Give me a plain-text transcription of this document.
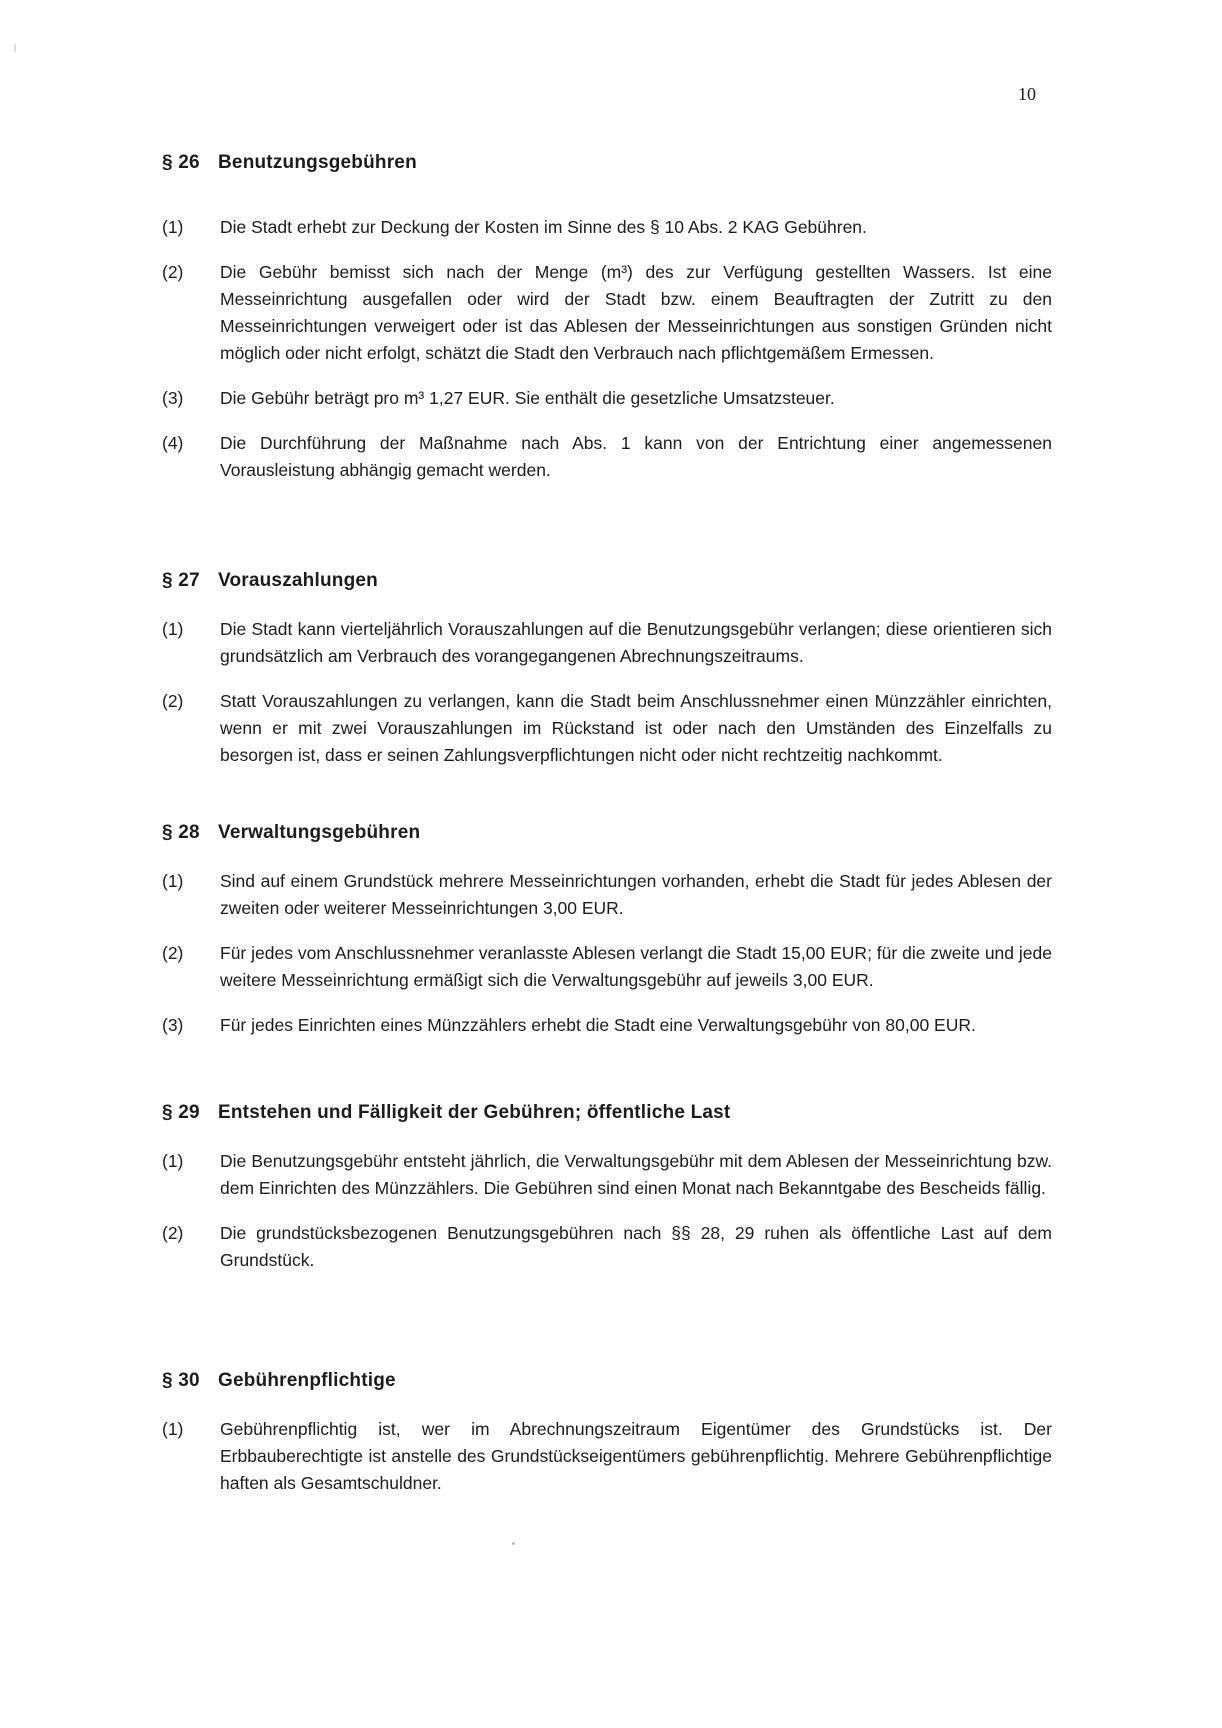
10
§ 26 Benutzungsgebühren
(1)	Die Stadt erhebt zur Deckung der Kosten im Sinne des § 10 Abs. 2 KAG Gebühren.
(2)	Die Gebühr bemisst sich nach der Menge (m³) des zur Verfügung gestellten Wassers. Ist eine Messeinrichtung ausgefallen oder wird der Stadt bzw. einem Beauftragten der Zutritt zu den Messeinrichtungen verweigert oder ist das Ablesen der Messeinrichtungen aus sonstigen Gründen nicht möglich oder nicht erfolgt, schätzt die Stadt den Verbrauch nach pflichtgemäßem Ermessen.
(3)	Die Gebühr beträgt pro m³ 1,27 EUR. Sie enthält die gesetzliche Umsatzsteuer.
(4)	Die Durchführung der Maßnahme nach Abs. 1 kann von der Entrichtung einer angemessenen Vorausleistung abhängig gemacht werden.
§ 27 Vorauszahlungen
(1)	Die Stadt kann vierteljährlich Vorauszahlungen auf die Benutzungsgebühr verlangen; diese orientieren sich grundsätzlich am Verbrauch des vorangegangenen Abrechnungszeitraums.
(2)	Statt Vorauszahlungen zu verlangen, kann die Stadt beim Anschlussnehmer einen Münzzähler einrichten, wenn er mit zwei Vorauszahlungen im Rückstand ist oder nach den Umständen des Einzelfalls zu besorgen ist, dass er seinen Zahlungsverpflichtungen nicht oder nicht rechtzeitig nachkommt.
§ 28 Verwaltungsgebühren
(1)	Sind auf einem Grundstück mehrere Messeinrichtungen vorhanden, erhebt die Stadt für jedes Ablesen der zweiten oder weiterer Messeinrichtungen 3,00 EUR.
(2)	Für jedes vom Anschlussnehmer veranlasste Ablesen verlangt die Stadt 15,00 EUR; für die zweite und jede weitere Messeinrichtung ermäßigt sich die Verwaltungsgebühr auf jeweils 3,00 EUR.
(3)	Für jedes Einrichten eines Münzzählers erhebt die Stadt eine Verwaltungsgebühr von 80,00 EUR.
§ 29 Entstehen und Fälligkeit der Gebühren; öffentliche Last
(1)	Die Benutzungsgebühr entsteht jährlich, die Verwaltungsgebühr mit dem Ablesen der Messeinrichtung bzw. dem Einrichten des Münzzählers. Die Gebühren sind einen Monat nach Bekanntgabe des Bescheids fällig.
(2)	Die grundstücksbezogenen Benutzungsgebühren nach §§ 28, 29 ruhen als öffentliche Last auf dem Grundstück.
§ 30 Gebührenpflichtige
(1)	Gebührenpflichtig ist, wer im Abrechnungszeitraum Eigentümer des Grundstücks ist. Der Erbbauberechtigte ist anstelle des Grundstückseigentümers gebührenpflichtig. Mehrere Gebührenpflichtige haften als Gesamtschuldner.
